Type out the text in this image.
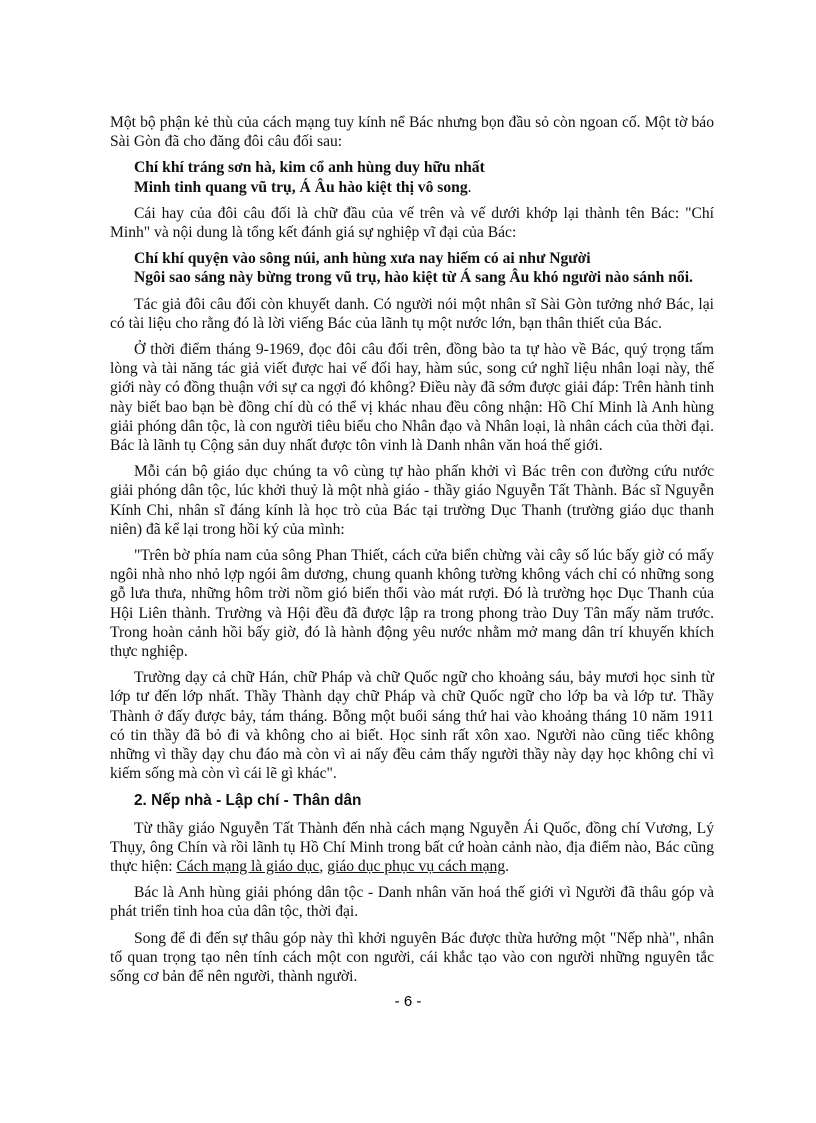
Một bộ phận kẻ thù của cách mạng tuy kính nể Bác nhưng bọn đầu sỏ còn ngoan cố. Một tờ báo Sài Gòn đã cho đăng đôi câu đối sau:

Chí khí tráng sơn hà, kim cổ anh hùng duy hữu nhất
Minh tinh quang vũ trụ, Á Âu hào kiệt thị vô song.

Cái hay của đôi câu đối là chữ đầu của vế trên và vế dưới khớp lại thành tên Bác: "Chí Minh" và nội dung là tổng kết đánh giá sự nghiệp vĩ đại của Bác:

Chí khí quyện vào sông núi, anh hùng xưa nay hiếm có ai như Người
Ngôi sao sáng này bừng trong vũ trụ, hào kiệt từ Á sang Âu khó người nào sánh nổi.

Tác giả đôi câu đối còn khuyết danh. Có người nói một nhân sĩ Sài Gòn tưởng nhớ Bác, lại có tài liệu cho rằng đó là lời viếng Bác của lãnh tụ một nước lớn, bạn thân thiết của Bác.

Ở thời điểm tháng 9-1969, đọc đôi câu đối trên, đồng bào ta tự hào về Bác, quý trọng tấm lòng và tài năng tác giả viết được hai vế đối hay, hàm súc, song cứ nghĩ liệu nhân loại này, thế giới này có đồng thuận với sự ca ngợi đó không? Điều này đã sớm được giải đáp: Trên hành tinh này biết bao bạn bè đồng chí dù có thể vị khác nhau đều công nhận: Hồ Chí Minh là Anh hùng giải phóng dân tộc, là con người tiêu biểu cho Nhân đạo và Nhân loại, là nhân cách của thời đại. Bác là lãnh tụ Cộng sản duy nhất được tôn vinh là Danh nhân văn hoá thế giới.

Mỗi cán bộ giáo dục chúng ta vô cùng tự hào phấn khởi vì Bác trên con đường cứu nước giải phóng dân tộc, lúc khởi thuỷ là một nhà giáo - thầy giáo Nguyễn Tất Thành. Bác sĩ Nguyễn Kính Chi, nhân sĩ đáng kính là học trò của Bác tại trường Dục Thanh (trường giáo dục thanh niên) đã kể lại trong hồi ký của mình:

"Trên bờ phía nam của sông Phan Thiết, cách cửa biển chừng vài cây số lúc bấy giờ có mấy ngôi nhà nho nhỏ lợp ngói âm dương, chung quanh không tường không vách chỉ có những song gỗ lưa thưa, những hôm trời nồm gió biển thổi vào mát rượi. Đó là trường học Dục Thanh của Hội Liên thành. Trường và Hội đều đã được lập ra trong phong trào Duy Tân mấy năm trước. Trong hoàn cảnh hồi bấy giờ, đó là hành động yêu nước nhằm mở mang dân trí khuyến khích thực nghiệp.

Trường dạy cả chữ Hán, chữ Pháp và chữ Quốc ngữ cho khoảng sáu, bảy mươi học sinh từ lớp tư đến lớp nhất. Thầy Thành dạy chữ Pháp và chữ Quốc ngữ cho lớp ba và lớp tư. Thầy Thành ở đấy được bảy, tám tháng. Bỗng một buổi sáng thứ hai vào khoảng tháng 10 năm 1911 có tin thầy đã bỏ đi và không cho ai biết. Học sinh rất xôn xao. Người nào cũng tiếc không những vì thầy dạy chu đáo mà còn vì ai nấy đều cảm thấy người thầy này dạy học không chỉ vì kiếm sống mà còn vì cái lẽ gì khác".

2. Nếp nhà - Lập chí - Thân dân

Từ thầy giáo Nguyễn Tất Thành đến nhà cách mạng Nguyễn Ái Quốc, đồng chí Vương, Lý Thụy, ông Chín và rồi lãnh tụ Hồ Chí Minh trong bất cứ hoàn cảnh nào, địa điểm nào, Bác cũng thực hiện: Cách mạng là giáo dục, giáo dục phục vụ cách mạng.

Bác là Anh hùng giải phóng dân tộc - Danh nhân văn hoá thế giới vì Người đã thâu góp và phát triển tinh hoa của dân tộc, thời đại.

Song để đi đến sự thâu góp này thì khởi nguyên Bác được thừa hưởng một "Nếp nhà", nhân tố quan trọng tạo nên tính cách một con người, cái khắc tạo vào con người những nguyên tắc sống cơ bản để nên người, thành người.

- 6 -
